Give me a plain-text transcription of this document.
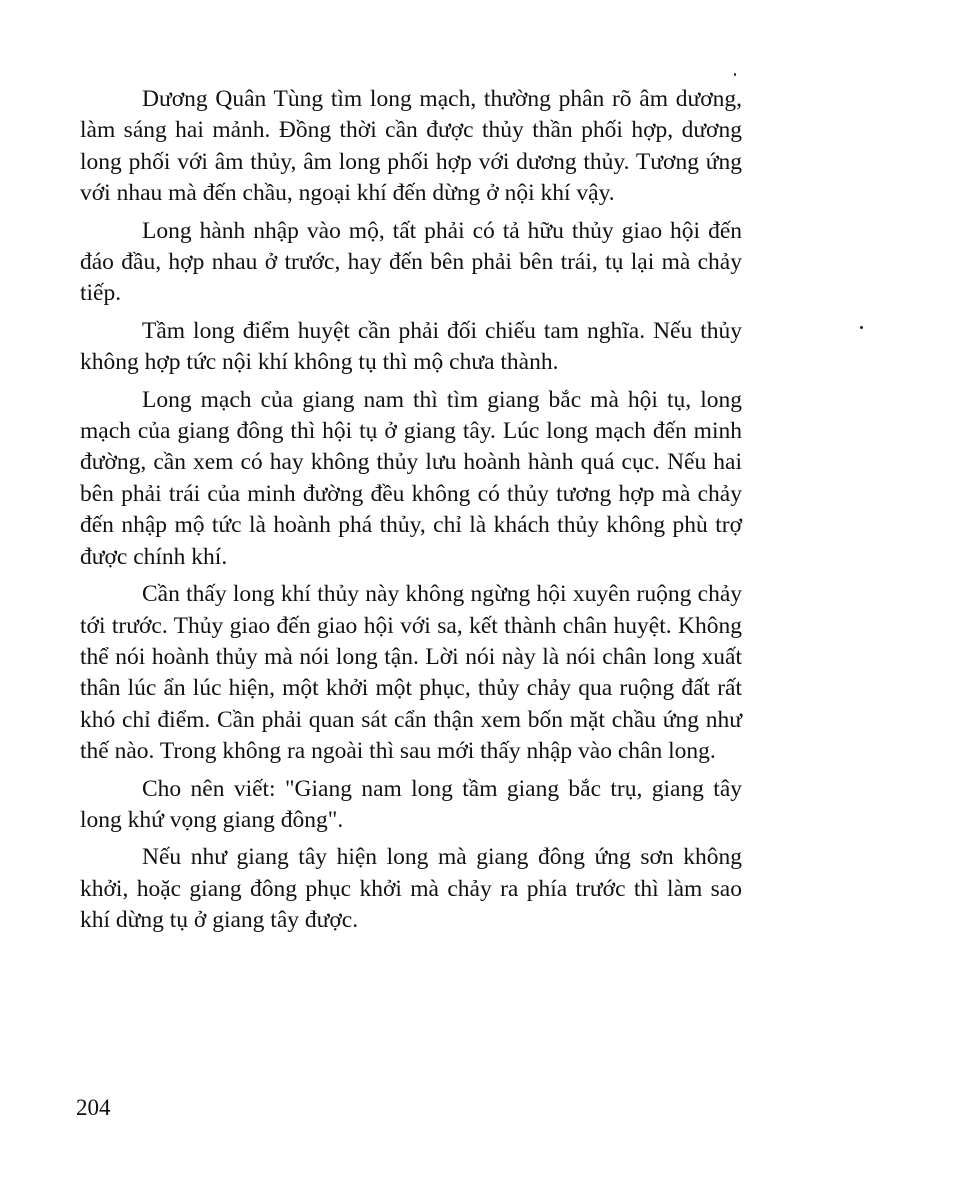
Dương Quân Tùng tìm long mạch, thường phân rõ âm dương, làm sáng hai mảnh. Đồng thời cần được thủy thần phối hợp, dương long phối với âm thủy, âm long phối hợp với dương thủy. Tương ứng với nhau mà đến chầu, ngoại khí đến dừng ở nội khí vậy.

Long hành nhập vào mộ, tất phải có tả hữu thủy giao hội đến đáo đầu, hợp nhau ở trước, hay đến bên phải bên trái, tụ lại mà chảy tiếp.

Tầm long điểm huyệt cần phải đối chiếu tam nghĩa. Nếu thủy không hợp tức nội khí không tụ thì mộ chưa thành.

Long mạch của giang nam thì tìm giang bắc mà hội tụ, long mạch của giang đông thì hội tụ ở giang tây. Lúc long mạch đến minh đường, cần xem có hay không thủy lưu hoành hành quá cục. Nếu hai bên phải trái của minh đường đều không có thủy tương hợp mà chảy đến nhập mộ tức là hoành phá thủy, chỉ là khách thủy không phù trợ được chính khí.

Cần thấy long khí thủy này không ngừng hội xuyên ruộng chảy tới trước. Thủy giao đến giao hội với sa, kết thành chân huyệt. Không thể nói hoành thủy mà nói long tận. Lời nói này là nói chân long xuất thân lúc ẩn lúc hiện, một khởi một phục, thủy chảy qua ruộng đất rất khó chỉ điểm. Cần phải quan sát cẩn thận xem bốn mặt chầu ứng như thế nào. Trong không ra ngoài thì sau mới thấy nhập vào chân long.

Cho nên viết: "Giang nam long tầm giang bắc trụ, giang tây long khứ vọng giang đông".

Nếu như giang tây hiện long mà giang đông ứng sơn không khởi, hoặc giang đông phục khởi mà chảy ra phía trước thì làm sao khí dừng tụ ở giang tây được.

204
